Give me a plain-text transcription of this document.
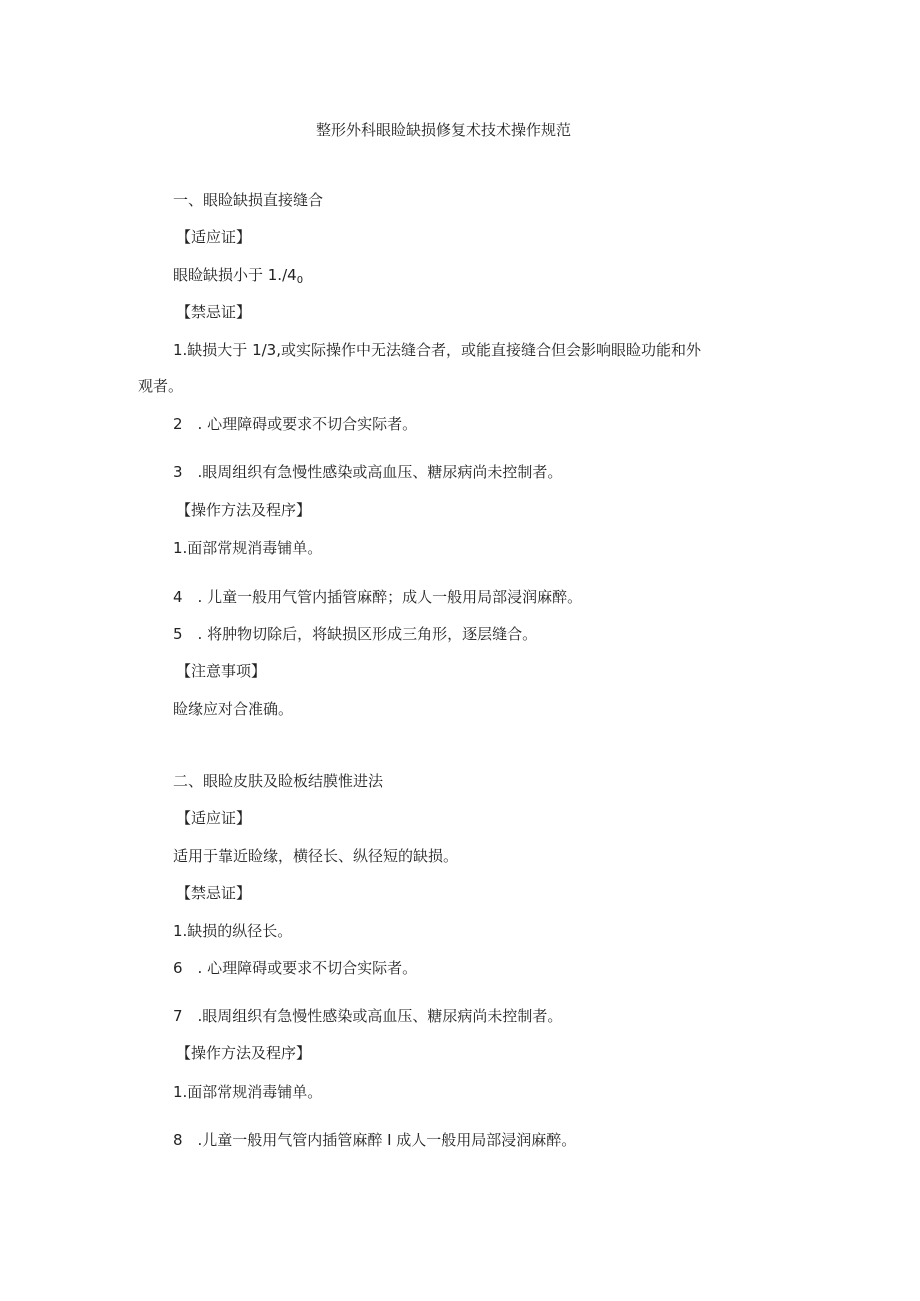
整形外科眼睑缺损修复术技术操作规范
一、眼睑缺损直接缝合
【适应证】
眼睑缺损小于 $1./4_0$
【禁忌证】
1.缺损大于 1/3,或实际操作中无法缝合者，或能直接缝合但会影响眼睑功能和外
观者。
2　. 心理障碍或要求不切合实际者。
3　.眼周组织有急慢性感染或高血压、糖尿病尚未控制者。
【操作方法及程序】
1.面部常规消毒铺单。
4　. 儿童一般用气管内插管麻醉；成人一般用局部浸润麻醉。
5　. 将肿物切除后，将缺损区形成三角形，逐层缝合。
【注意事项】
睑缘应对合准确。
二、眼睑皮肤及睑板结膜惟进法
【适应证】
适用于靠近睑缘，横径长、纵径短的缺损。
【禁忌证】
1.缺损的纵径长。
6　. 心理障碍或要求不切合实际者。
7　.眼周组织有急慢性感染或高血压、糖尿病尚未控制者。
【操作方法及程序】
1.面部常规消毒铺单。
8　.儿童一般用气管内插管麻醉 I 成人一般用局部浸润麻醉。
